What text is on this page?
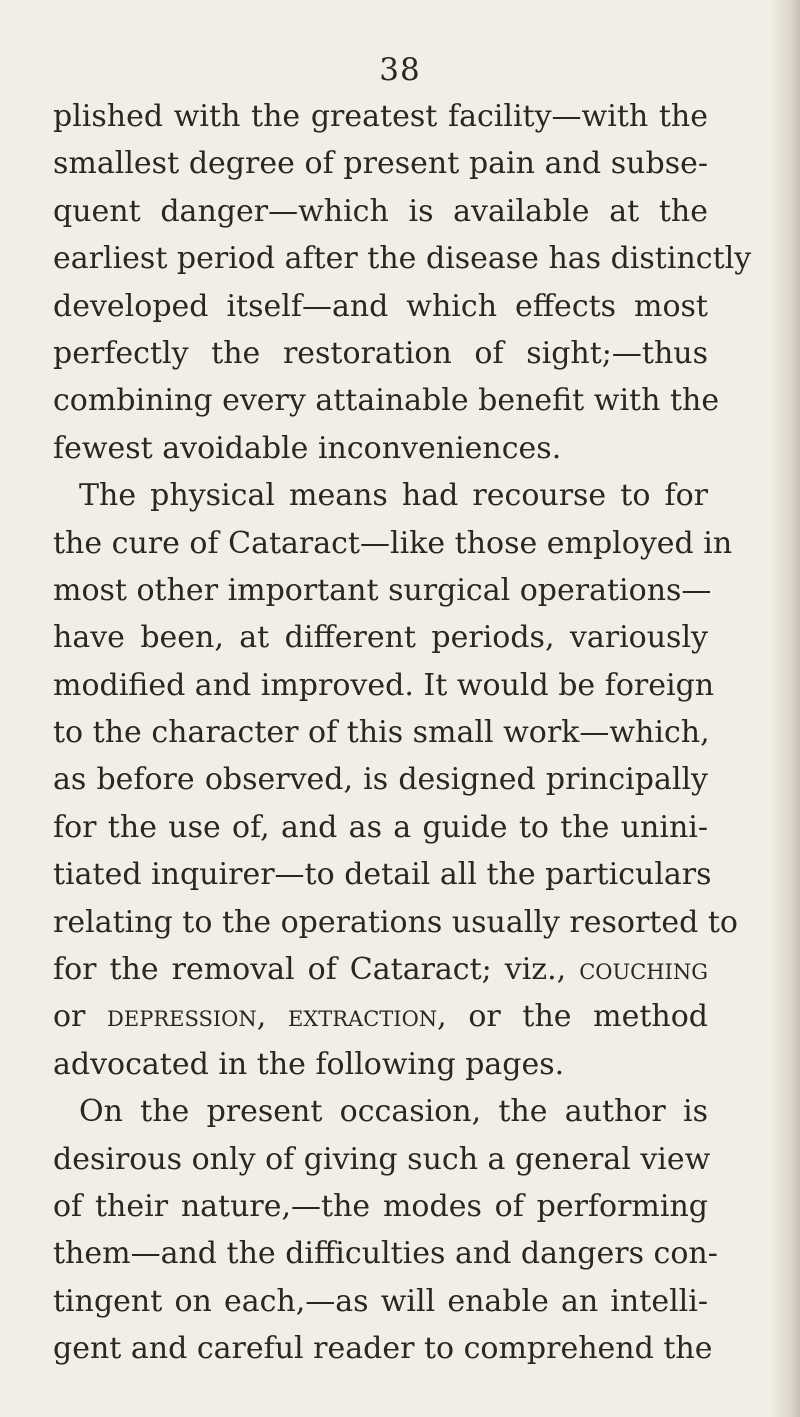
38
plished with the greatest facility—with the
smallest degree of present pain and subse-
quent danger—which is available at the
earliest period after the disease has distinctly
developed itself—and which effects most
perfectly the restoration of sight;—thus
combining every attainable benefit with the
fewest avoidable inconveniences.
The physical means had recourse to for
the cure of Cataract—like those employed in
most other important surgical operations—
have been, at different periods, variously
modified and improved. It would be foreign
to the character of this small work—which,
as before observed, is designed principally
for the use of, and as a guide to the unini-
tiated inquirer—to detail all the particulars
relating to the operations usually resorted to
for the removal of Cataract; viz., couching
or depression, extraction, or the method
advocated in the following pages.
On the present occasion, the author is
desirous only of giving such a general view
of their nature,—the modes of performing
them—and the difficulties and dangers con-
tingent on each,—as will enable an intelli-
gent and careful reader to comprehend the
